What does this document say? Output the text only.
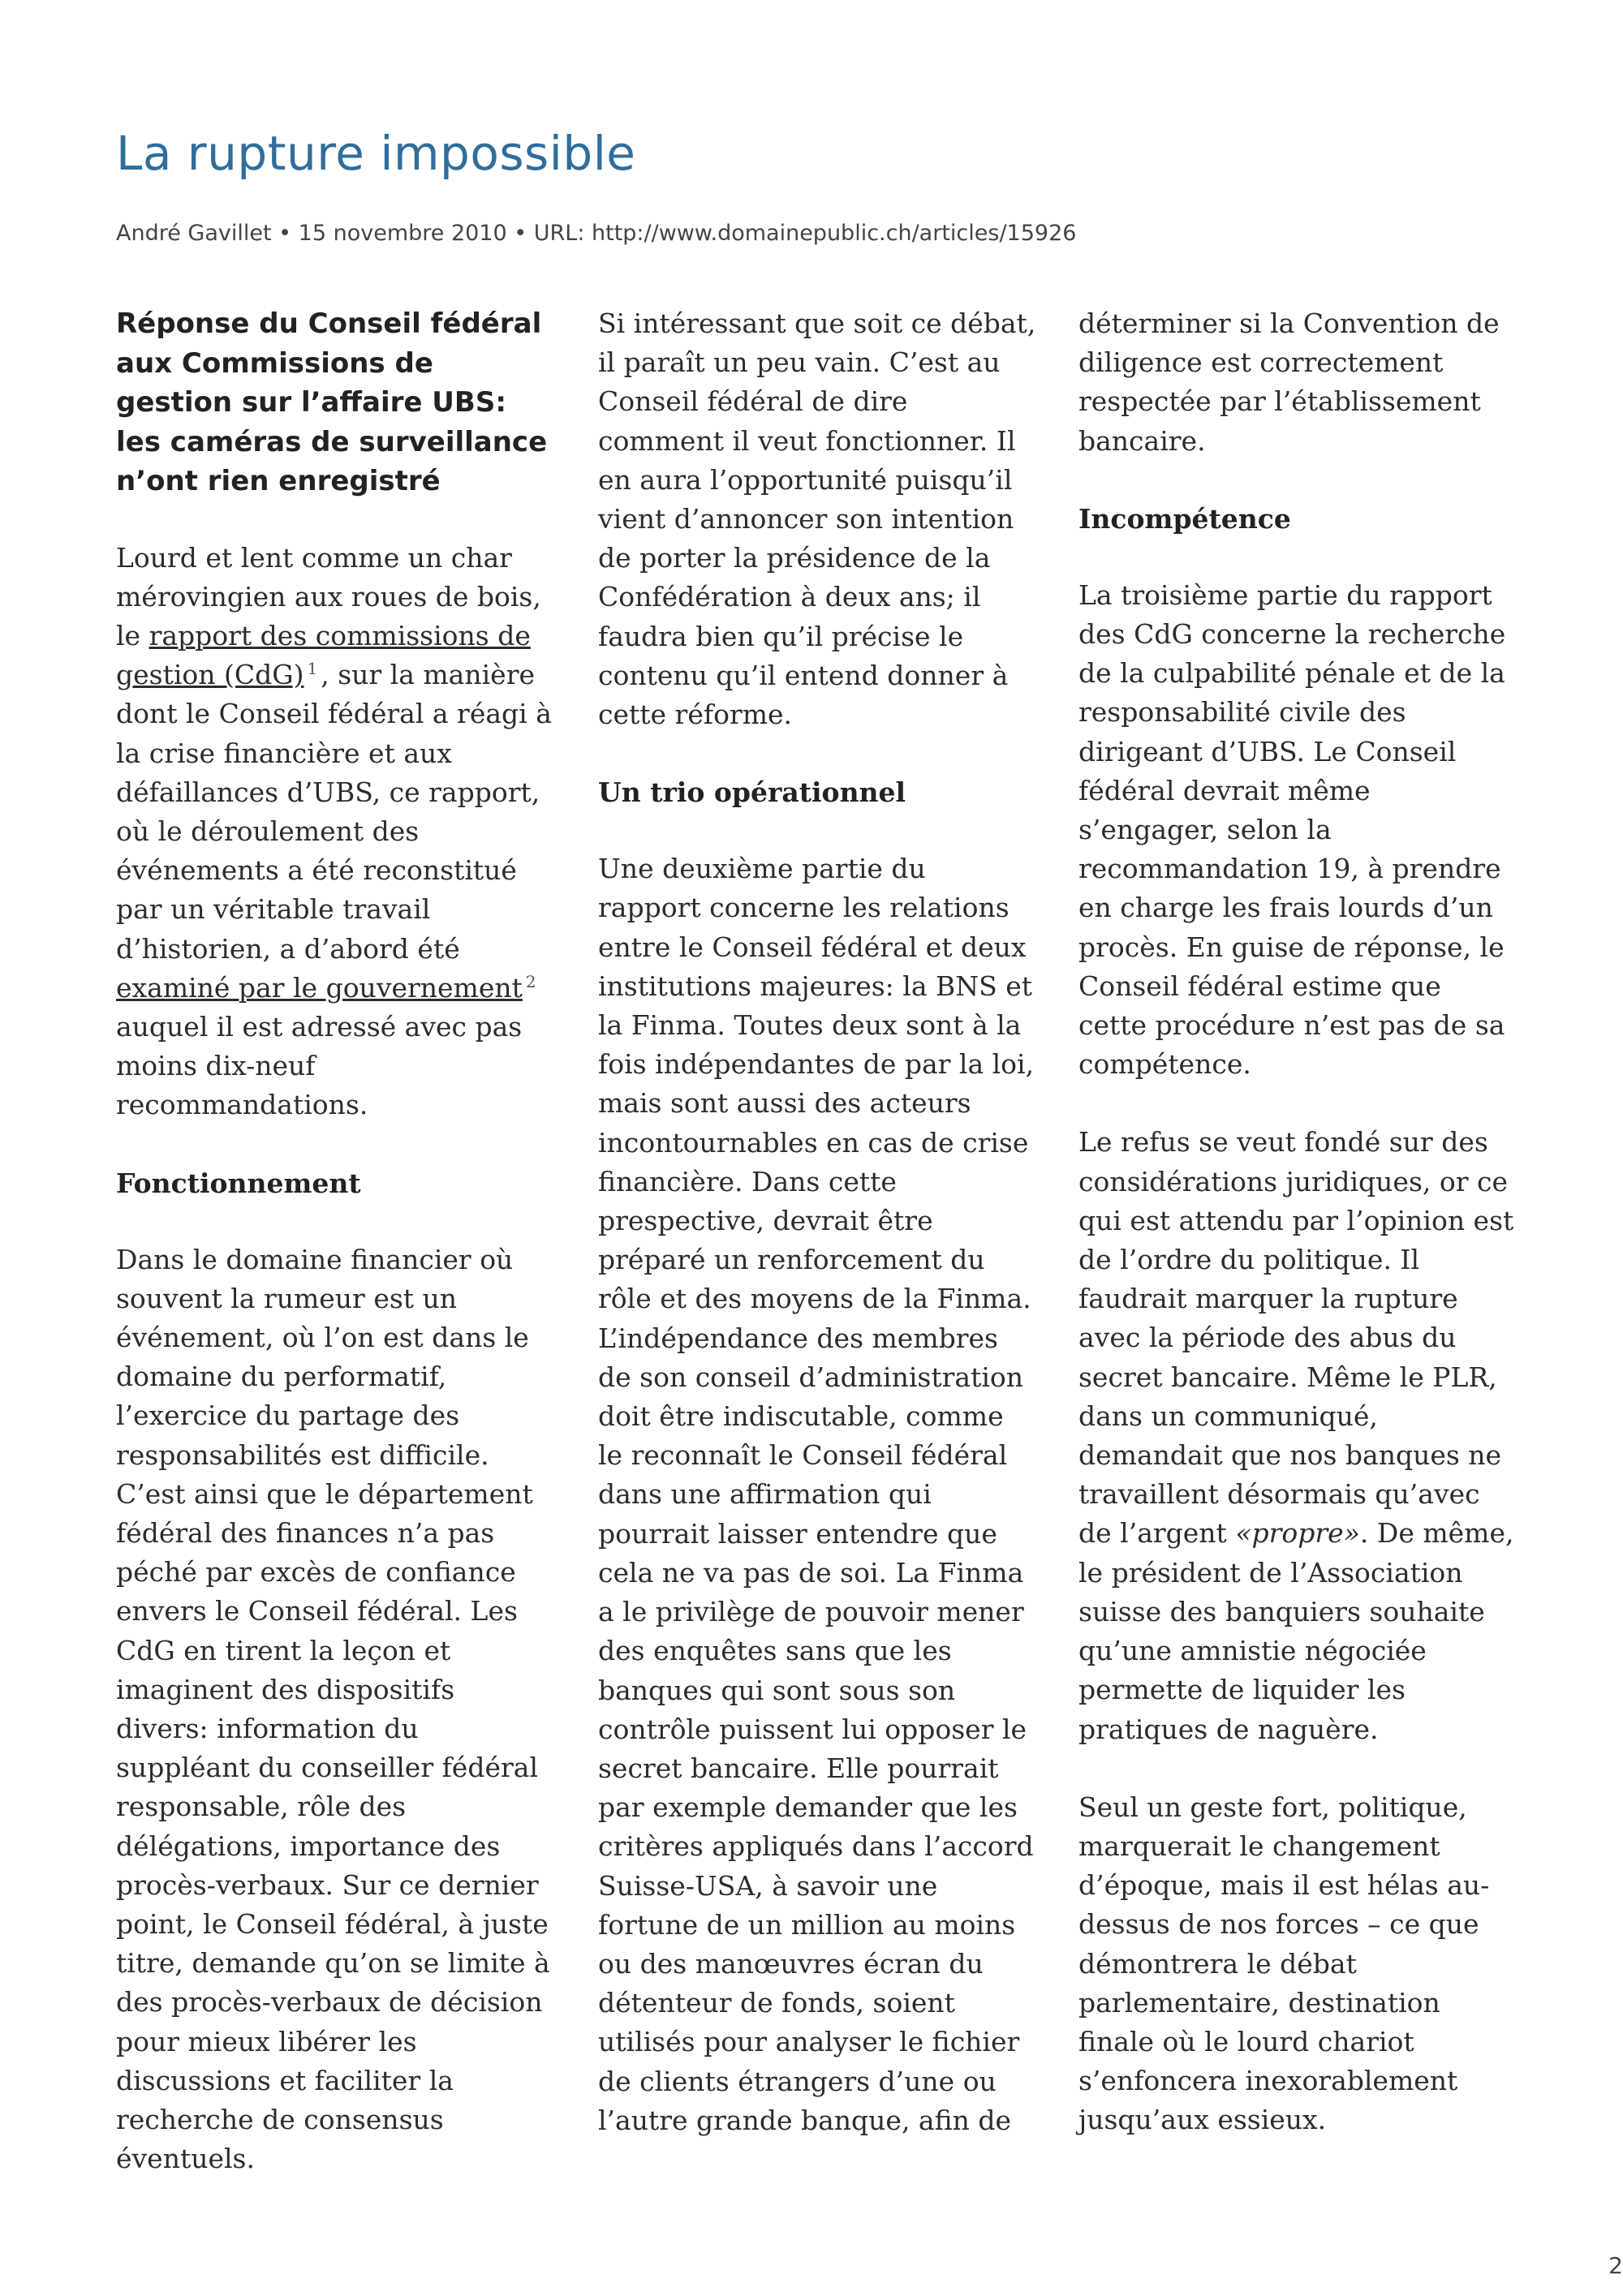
La rupture impossible
André Gavillet • 15 novembre 2010 • URL: http://www.domainepublic.ch/articles/15926

Réponse du Conseil fédéral aux Commissions de gestion sur l’affaire UBS: les caméras de surveillance n’ont rien enregistré

Lourd et lent comme un char mérovingien aux roues de bois, le rapport des commissions de gestion (CdG) $^1$ , sur la manière dont le Conseil fédéral a réagi à la crise financière et aux défaillances d’UBS, ce rapport, où le déroulement des événements a été reconstitué par un véritable travail d’historien, a d’abord été examiné par le gouvernement $^2$ auquel il est adressé avec pas moins dix-neuf recommandations.

Fonctionnement

Dans le domaine financier où souvent la rumeur est un événement, où l’on est dans le domaine du performatif, l’exercice du partage des responsabilités est difficile. C’est ainsi que le département fédéral des finances n’a pas péché par excès de confiance envers le Conseil fédéral. Les CdG en tirent la leçon et imaginent des dispositifs divers: information du suppléant du conseiller fédéral responsable, rôle des délégations, importance des procès-verbaux. Sur ce dernier point, le Conseil fédéral, à juste titre, demande qu’on se limite à des procès-verbaux de décision pour mieux libérer les discussions et faciliter la recherche de consensus éventuels.

Si intéressant que soit ce débat, il paraît un peu vain. C’est au Conseil fédéral de dire comment il veut fonctionner. Il en aura l’opportunité puisqu’il vient d’annoncer son intention de porter la présidence de la Confédération à deux ans; il faudra bien qu’il précise le contenu qu’il entend donner à cette réforme.

Un trio opérationnel

Une deuxième partie du rapport concerne les relations entre le Conseil fédéral et deux institutions majeures: la BNS et la Finma. Toutes deux sont à la fois indépendantes de par la loi, mais sont aussi des acteurs incontournables en cas de crise financière. Dans cette prespective, devrait être préparé un renforcement du rôle et des moyens de la Finma. L’indépendance des membres de son conseil d’administration doit être indiscutable, comme le reconnaît le Conseil fédéral dans une affirmation qui pourrait laisser entendre que cela ne va pas de soi. La Finma a le privilège de pouvoir mener des enquêtes sans que les banques qui sont sous son contrôle puissent lui opposer le secret bancaire. Elle pourrait par exemple demander que les critères appliqués dans l’accord Suisse-USA, à savoir une fortune de un million au moins ou des manœuvres écran du détenteur de fonds, soient utilisés pour analyser le fichier de clients étrangers d’une ou l’autre grande banque, afin de

déterminer si la Convention de diligence est correctement respectée par l’établissement bancaire.

Incompétence

La troisième partie du rapport des CdG concerne la recherche de la culpabilité pénale et de la responsabilité civile des dirigeant d’UBS. Le Conseil fédéral devrait même s’engager, selon la recommandation 19, à prendre en charge les frais lourds d’un procès. En guise de réponse, le Conseil fédéral estime que cette procédure n’est pas de sa compétence.

Le refus se veut fondé sur des considérations juridiques, or ce qui est attendu par l’opinion est de l’ordre du politique. Il faudrait marquer la rupture avec la période des abus du secret bancaire. Même le PLR, dans un communiqué, demandait que nos banques ne travaillent désormais qu’avec de l’argent «propre». De même, le président de l’Association suisse des banquiers souhaite qu’une amnistie négociée permette de liquider les pratiques de naguère.

Seul un geste fort, politique, marquerait le changement d’époque, mais il est hélas au-dessus de nos forces – ce que démontrera le débat parlementaire, destination finale où le lourd chariot s’enfoncera inexorablement jusqu’aux essieux.

2
